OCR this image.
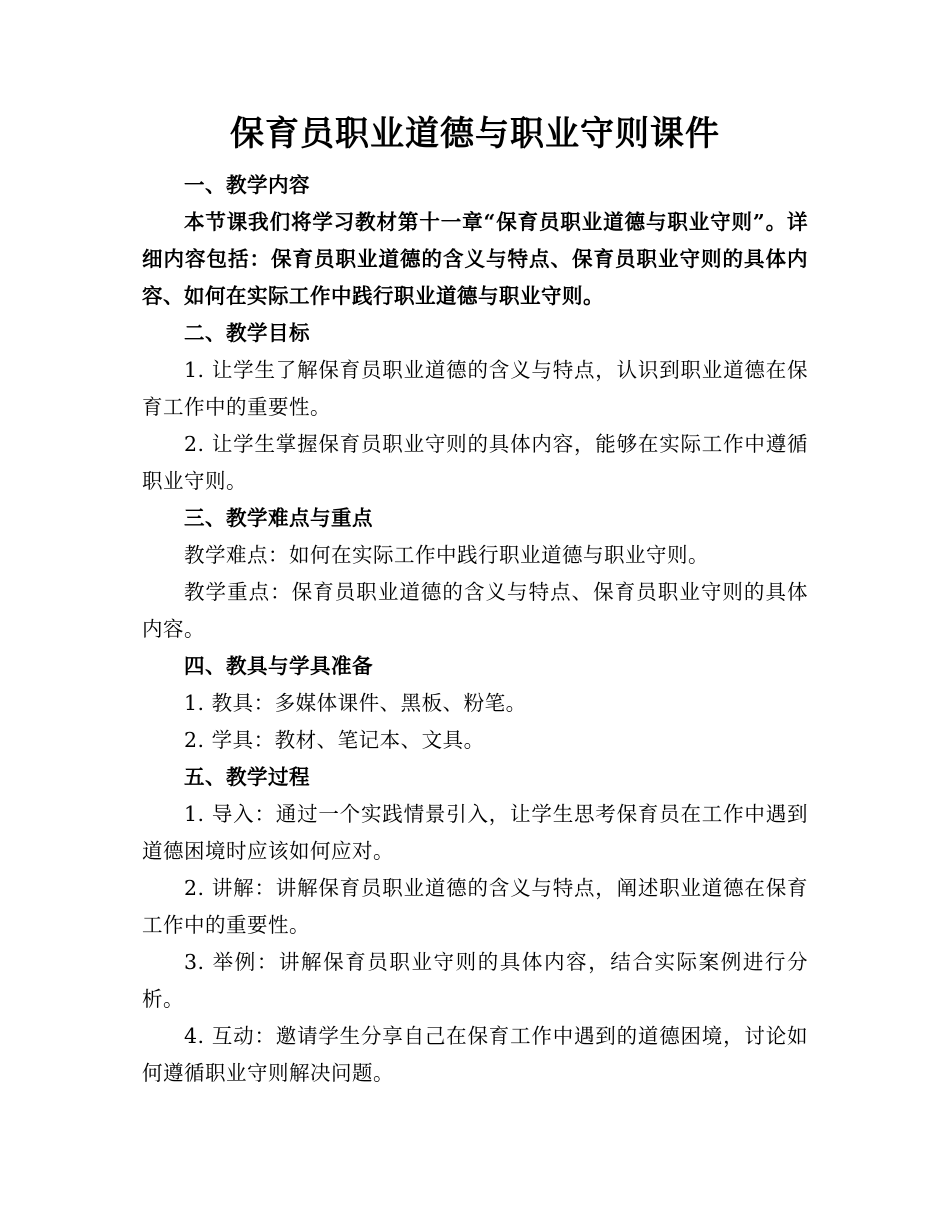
保育员职业道德与职业守则课件

一、教学内容

本节课我们将学习教材第十一章“保育员职业道德与职业守则”。详细内容包括：保育员职业道德的含义与特点、保育员职业守则的具体内容、如何在实际工作中践行职业道德与职业守则。

二、教学目标

1. 让学生了解保育员职业道德的含义与特点，认识到职业道德在保育工作中的重要性。

2. 让学生掌握保育员职业守则的具体内容，能够在实际工作中遵循职业守则。

三、教学难点与重点

教学难点：如何在实际工作中践行职业道德与职业守则。

教学重点：保育员职业道德的含义与特点、保育员职业守则的具体内容。

四、教具与学具准备

1. 教具：多媒体课件、黑板、粉笔。

2. 学具：教材、笔记本、文具。

五、教学过程

1. 导入：通过一个实践情景引入，让学生思考保育员在工作中遇到道德困境时应该如何应对。

2. 讲解：讲解保育员职业道德的含义与特点，阐述职业道德在保育工作中的重要性。

3. 举例：讲解保育员职业守则的具体内容，结合实际案例进行分析。

4. 互动：邀请学生分享自己在保育工作中遇到的道德困境，讨论如何遵循职业守则解决问题。
